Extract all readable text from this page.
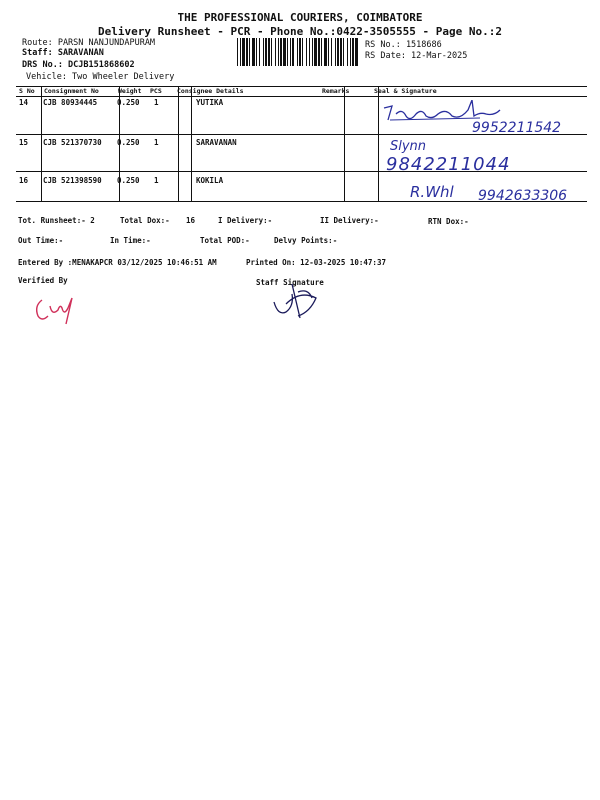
THE PROFESSIONAL COURIERS, COIMBATORE
Delivery Runsheet - PCR - Phone No.:0422-3505555 - Page No.:2
Route: PARSN NANJUNDAPURAM
Staff: SARAVANAN
DRS No.: DCJB151868602
Vehicle: Two Wheeler Delivery
RS No.: 1518686
RS Date: 12-Mar-2025
S No Consignment No	Weight PCS Consignee Details	Remarks	Seal & Signature
14 CJB 80934445	0.250 1	YUTIKA
15 CJB 521370730 0.250 1	SARAVANAN
16 CJB 521398590 0.250 1	KOKILA
9952211542
Slynn
9842211044
R.Whl 9942633306
Tot. Runsheet:- 2	Total Dox:- 16	I Delivery:-	II Delivery:-	RTN Dox:-
Out Time:-	In Time:-	Total POD:-	Delvy Points:-
Entered By :MENAKAPCR 03/12/2025 10:46:51 AM	Printed On: 12-03-2025 10:47:37
Verified By	Staff Signature
